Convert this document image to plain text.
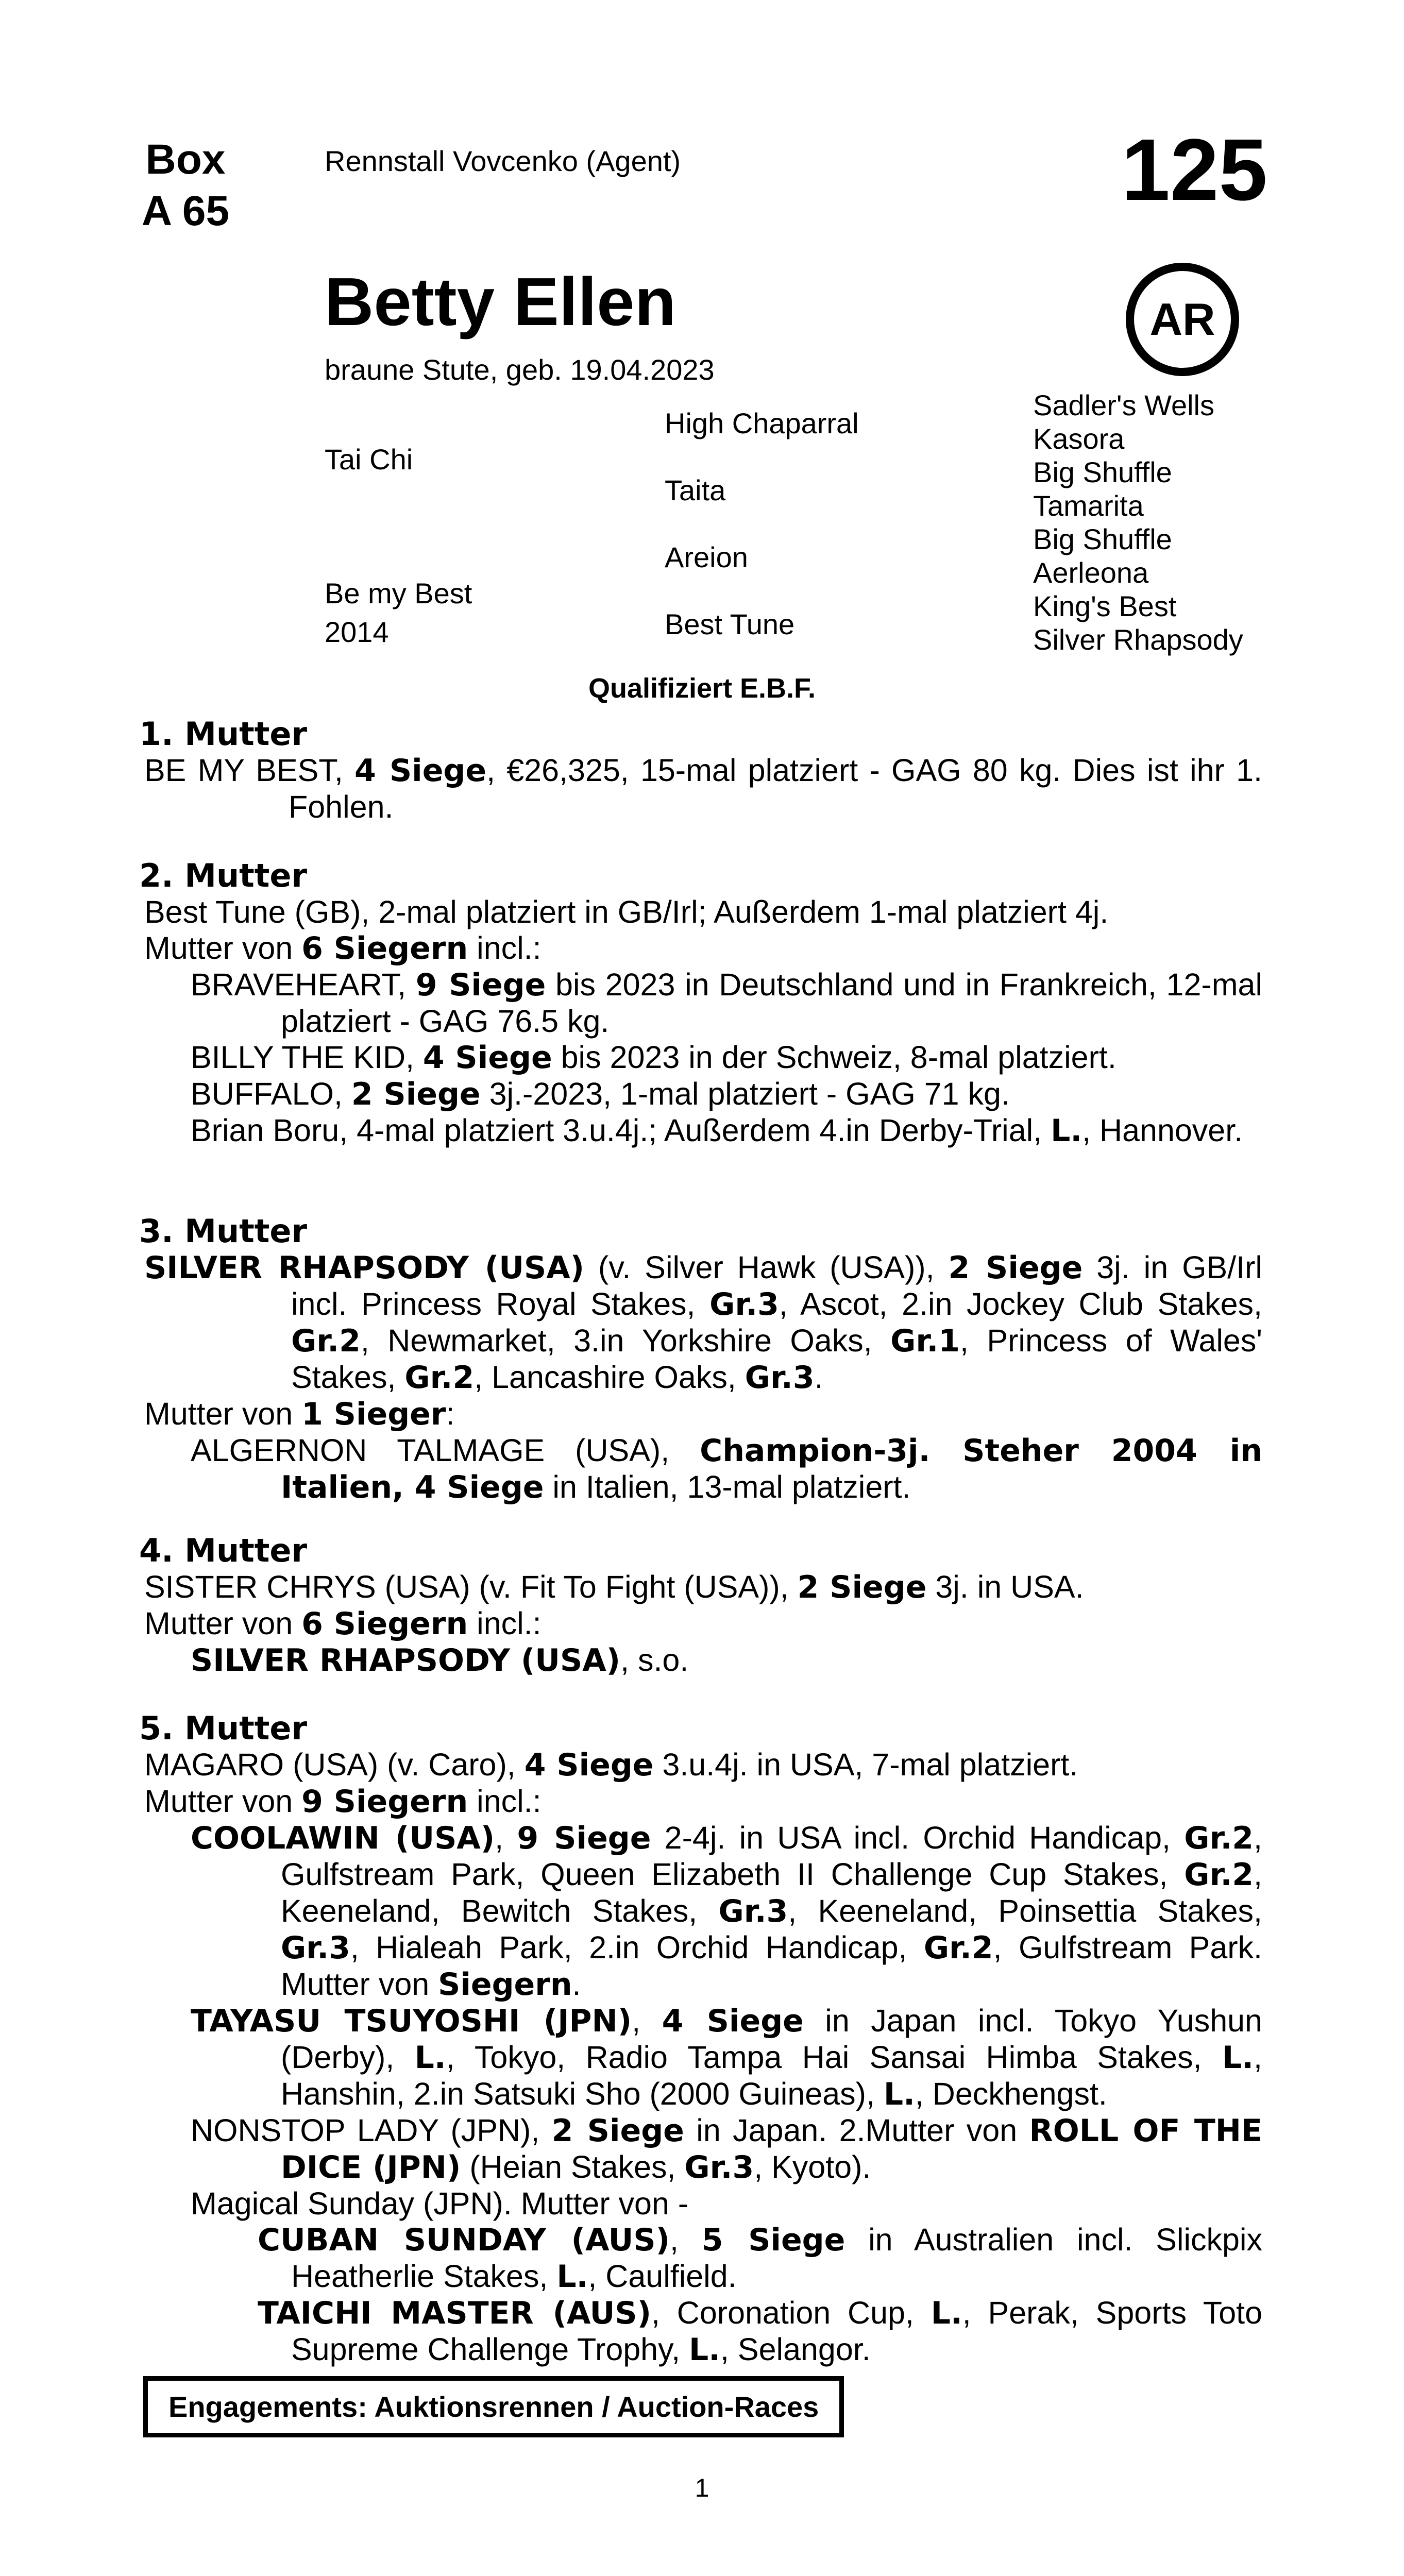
Box
A 65
Rennstall Vovcenko (Agent)	125
Betty Ellen
braune Stute, geb. 19.04.2023
AR
Tai Chi
Be my Best
2014
High Chaparral
Taita
Areion
Best Tune
Sadler's Wells
Kasora
Big Shuffle
Tamarita
Big Shuffle
Aerleona
King's Best
Silver Rhapsody
Qualifiziert E.B.F.
1. Mutter

BE MY BEST, 4 Siege, €26,325, 15-mal platziert - GAG 80 kg. Dies ist ihr 1. Fohlen.

2. Mutter

Best Tune (GB), 2-mal platziert in GB/Irl; Außerdem 1-mal platziert 4j.

Mutter von 6 Siegern incl.:

BRAVEHEART, 9 Siege bis 2023 in Deutschland und in Frankreich, 12-mal platziert - GAG 76.5 kg.

BILLY THE KID, 4 Siege bis 2023 in der Schweiz, 8-mal platziert.

BUFFALO, 2 Siege 3j.-2023, 1-mal platziert - GAG 71 kg.

Brian Boru, 4-mal platziert 3.u.4j.; Außerdem 4.in Derby-Trial, L., Hannover.

3. Mutter

SILVER RHAPSODY (USA) (v. Silver Hawk (USA)), 2 Siege 3j. in GB/Irl incl. Princess Royal Stakes, Gr.3, Ascot, 2.in Jockey Club Stakes, Gr.2, Newmarket, 3.in Yorkshire Oaks, Gr.1, Princess of Wales' Stakes, Gr.2, Lancashire Oaks, Gr.3.

Mutter von 1 Sieger:

ALGERNON TALMAGE (USA), Champion-3j. Steher 2004 in Italien, 4 Siege in Italien, 13-mal platziert.

4. Mutter

SISTER CHRYS (USA) (v. Fit To Fight (USA)), 2 Siege 3j. in USA.

Mutter von 6 Siegern incl.:

SILVER RHAPSODY (USA), s.o.

5. Mutter

MAGARO (USA) (v. Caro), 4 Siege 3.u.4j. in USA, 7-mal platziert.

Mutter von 9 Siegern incl.:

COOLAWIN (USA), 9 Siege 2-4j. in USA incl. Orchid Handicap, Gr.2, Gulfstream Park, Queen Elizabeth II Challenge Cup Stakes, Gr.2, Keeneland, Bewitch Stakes, Gr.3, Keeneland, Poinsettia Stakes, Gr.3, Hialeah Park, 2.in Orchid Handicap, Gr.2, Gulfstream Park. Mutter von Siegern.

TAYASU TSUYOSHI (JPN), 4 Siege in Japan incl. Tokyo Yushun (Derby), L., Tokyo, Radio Tampa Hai Sansai Himba Stakes, L., Hanshin, 2.in Satsuki Sho (2000 Guineas), L., Deckhengst.

NONSTOP LADY (JPN), 2 Siege in Japan. 2.Mutter von ROLL OF THE DICE (JPN) (Heian Stakes, Gr.3, Kyoto).

Magical Sunday (JPN). Mutter von -

CUBAN SUNDAY (AUS), 5 Siege in Australien incl. Slickpix Heatherlie Stakes, L., Caulfield.

TAICHI MASTER (AUS), Coronation Cup, L., Perak, Sports Toto Supreme Challenge Trophy, L., Selangor.

Engagements: Auktionsrennen / Auction-Races
1
